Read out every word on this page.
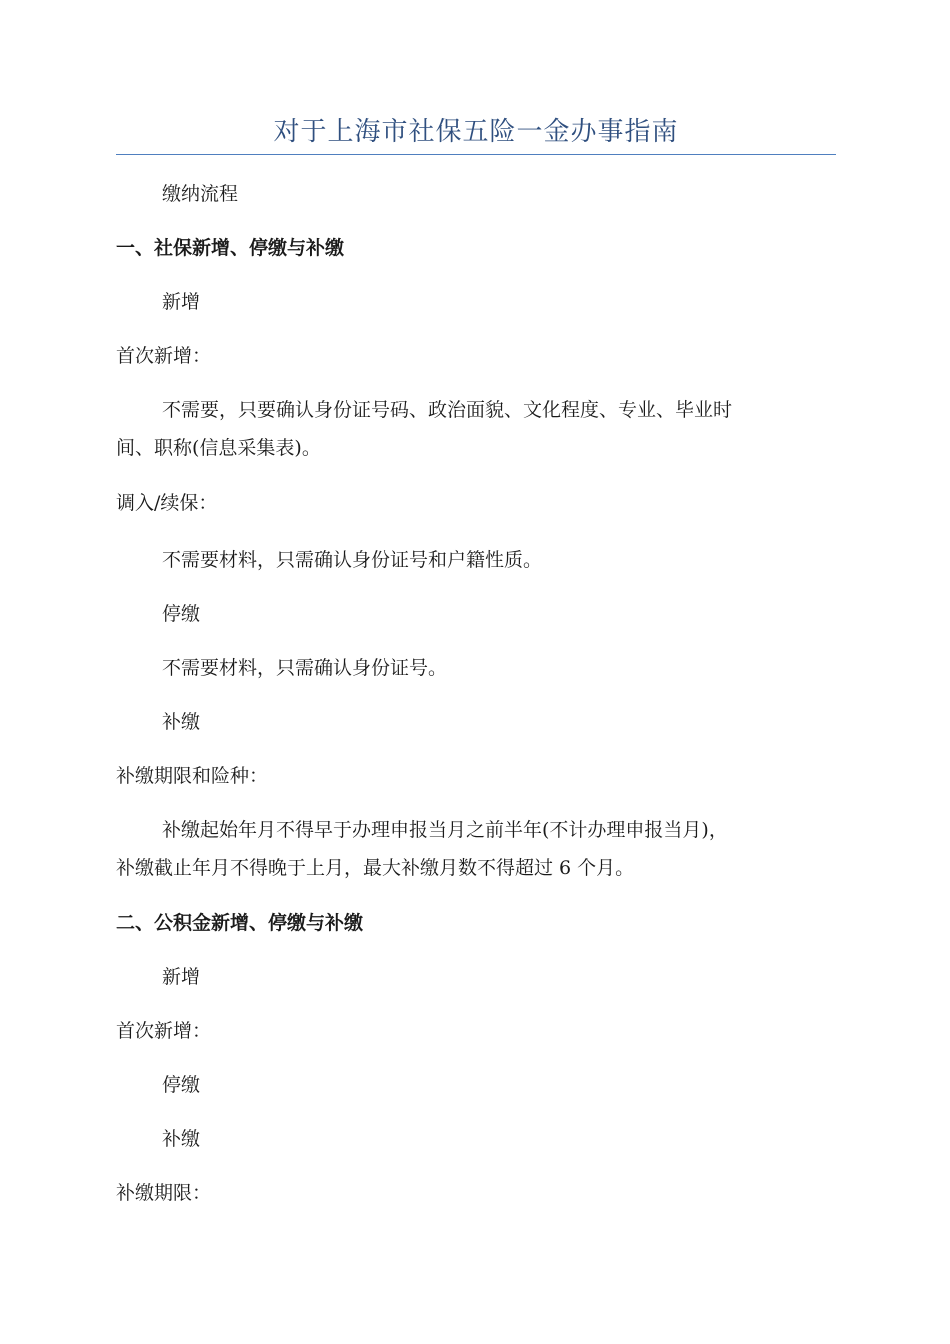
对于上海市社保五险一金办事指南
缴纳流程
一、社保新增、停缴与补缴
新增
首次新增：
不需要，只要确认身份证号码、政治面貌、文化程度、专业、毕业时
间、职称(信息采集表)。
调入/续保：
不需要材料，只需确认身份证号和户籍性质。
停缴
不需要材料，只需确认身份证号。
补缴
补缴期限和险种：
补缴起始年月不得早于办理申报当月之前半年(不计办理申报当月)，
补缴截止年月不得晚于上月，最大补缴月数不得超过 6 个月。
二、公积金新增、停缴与补缴
新增
首次新增：
停缴
补缴
补缴期限：
